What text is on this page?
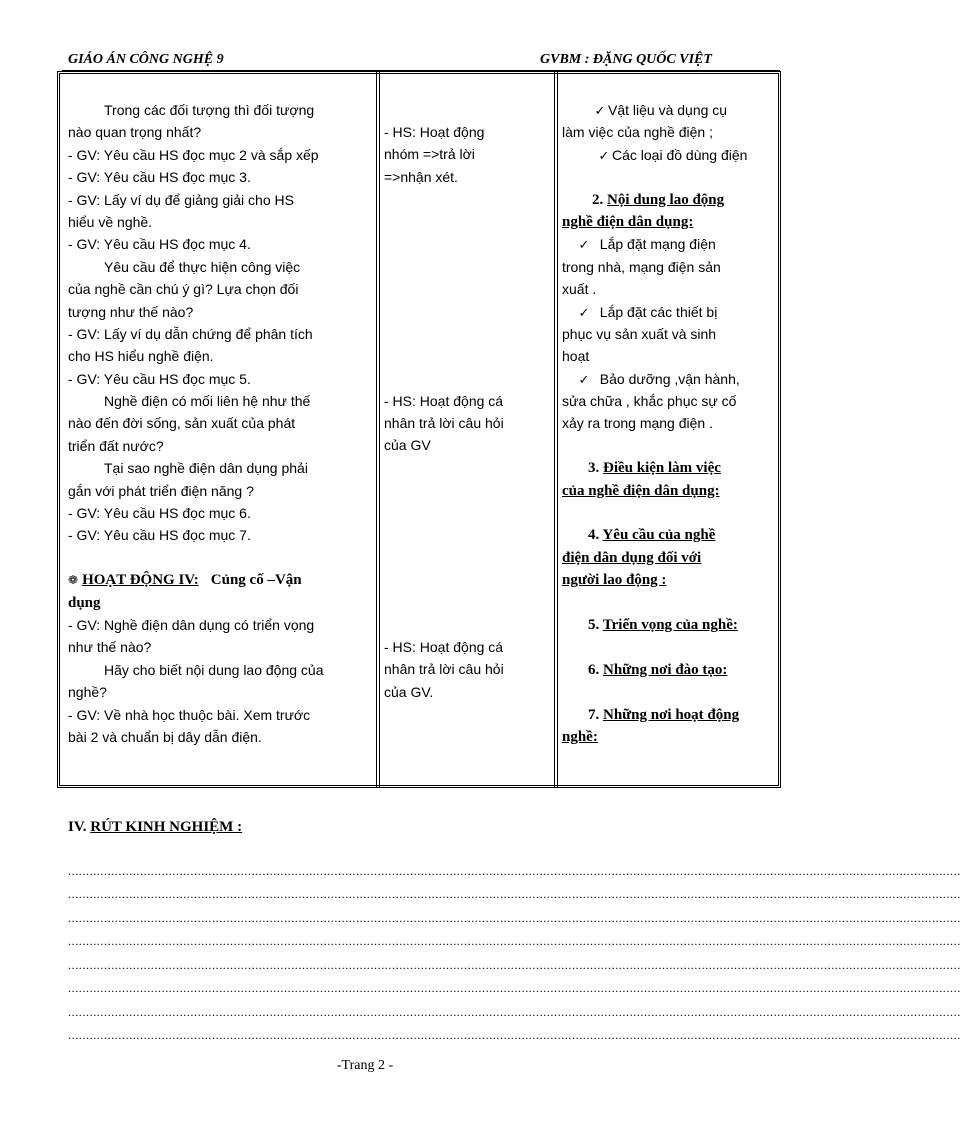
GIÁO ÁN CÔNG NGHỆ 9	GVBM : ĐẶNG QUỐC VIỆT
Trong các đối tượng thì đối tượng
nào quan trọng nhất?
- GV: Yêu cầu HS đọc mục 2 và sắp xếp
- GV: Yêu cầu HS đọc mục 3.
- GV: Lấy ví dụ để giảng giải cho HS
hiểu về nghề.
- GV: Yêu cầu HS đọc mục 4.
Yêu cầu để thực hiện công việc
của nghề cần chú ý gì? Lựa chọn đối
tượng như thế nào?
- GV: Lấy ví dụ dẫn chứng để phân tích
cho HS hiểu nghề điện.
- GV: Yêu cầu HS đọc mục 5.
Nghề điện có mối liên hệ như thế
nào đến đời sống, sản xuất của phát
triển đất nước?
Tại sao nghề điện dân dụng phải
gắn với phát triển điện năng ?
- GV: Yêu cầu HS đọc mục 6.
- GV: Yêu cầu HS đọc mục 7.
❁ HOẠT ĐỘNG IV: Củng cố –Vận
dụng
- GV: Nghề điện dân dụng có triển vọng
như thế nào?
Hãy cho biết nội dung lao động của
nghề?
- GV: Về nhà học thuộc bài. Xem trước
bài 2 và chuẩn bị dây dẫn điện.
- HS: Hoạt động
nhóm =>trả lời
=>nhận xét.
- HS: Hoạt động cá
nhân trả lời câu hỏi
của GV
- HS: Hoạt động cá
nhân trả lời câu hỏi
của GV.
✓ Vật liệu và dụng cụ
làm việc của nghề điện ;
✓ Các loại đồ dùng điện
2. Nội dung lao động
nghề điện dân dụng:
✓ Lắp đặt mạng điện
trong nhà, mạng điện sản
xuất .
✓ Lắp đặt các thiết bị
phục vụ sản xuất và sinh
hoạt
✓ Bảo dưỡng ,vận hành,
sửa chữa , khắc phục sự cố
xảy ra trong mạng điện .
3. Điều kiện làm việc
của nghề điện dân dụng:
4. Yêu cầu của nghề
điện dân dụng đối với
người lao động :
5. Triển vọng của nghề:
6. Những nơi đào tạo:
7. Những nơi hoạt động
nghề:
IV. RÚT KINH NGHIỆM :
........................................................................................................................................................................................................................................................
........................................................................................................................................................................................................................................................
........................................................................................................................................................................................................................................................
........................................................................................................................................................................................................................................................
........................................................................................................................................................................................................................................................
........................................................................................................................................................................................................................................................
........................................................................................................................................................................................................................................................
........................................................................................................................................................................................................................................................
-Trang 2 -
